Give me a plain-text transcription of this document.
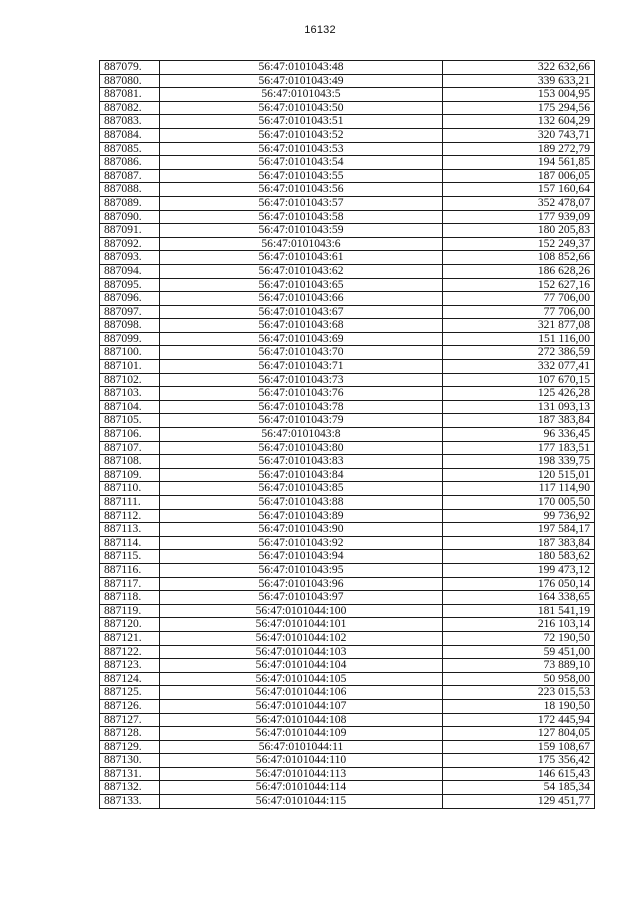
16132
887079.	56:47:0101043:48	322 632,66
887080.	56:47:0101043:49	339 633,21
887081.	56:47:0101043:5	153 004,95
887082.	56:47:0101043:50	175 294,56
887083.	56:47:0101043:51	132 604,29
887084.	56:47:0101043:52	320 743,71
887085.	56:47:0101043:53	189 272,79
887086.	56:47:0101043:54	194 561,85
887087.	56:47:0101043:55	187 006,05
887088.	56:47:0101043:56	157 160,64
887089.	56:47:0101043:57	352 478,07
887090.	56:47:0101043:58	177 939,09
887091.	56:47:0101043:59	180 205,83
887092.	56:47:0101043:6	152 249,37
887093.	56:47:0101043:61	108 852,66
887094.	56:47:0101043:62	186 628,26
887095.	56:47:0101043:65	152 627,16
887096.	56:47:0101043:66	77 706,00
887097.	56:47:0101043:67	77 706,00
887098.	56:47:0101043:68	321 877,08
887099.	56:47:0101043:69	151 116,00
887100.	56:47:0101043:70	272 386,59
887101.	56:47:0101043:71	332 077,41
887102.	56:47:0101043:73	107 670,15
887103.	56:47:0101043:76	125 426,28
887104.	56:47:0101043:78	131 093,13
887105.	56:47:0101043:79	187 383,84
887106.	56:47:0101043:8	96 336,45
887107.	56:47:0101043:80	177 183,51
887108.	56:47:0101043:83	198 339,75
887109.	56:47:0101043:84	120 515,01
887110.	56:47:0101043:85	117 114,90
887111.	56:47:0101043:88	170 005,50
887112.	56:47:0101043:89	99 736,92
887113.	56:47:0101043:90	197 584,17
887114.	56:47:0101043:92	187 383,84
887115.	56:47:0101043:94	180 583,62
887116.	56:47:0101043:95	199 473,12
887117.	56:47:0101043:96	176 050,14
887118.	56:47:0101043:97	164 338,65
887119.	56:47:0101044:100	181 541,19
887120.	56:47:0101044:101	216 103,14
887121.	56:47:0101044:102	72 190,50
887122.	56:47:0101044:103	59 451,00
887123.	56:47:0101044:104	73 889,10
887124.	56:47:0101044:105	50 958,00
887125.	56:47:0101044:106	223 015,53
887126.	56:47:0101044:107	18 190,50
887127.	56:47:0101044:108	172 445,94
887128.	56:47:0101044:109	127 804,05
887129.	56:47:0101044:11	159 108,67
887130.	56:47:0101044:110	175 356,42
887131.	56:47:0101044:113	146 615,43
887132.	56:47:0101044:114	54 185,34
887133.	56:47:0101044:115	129 451,77
